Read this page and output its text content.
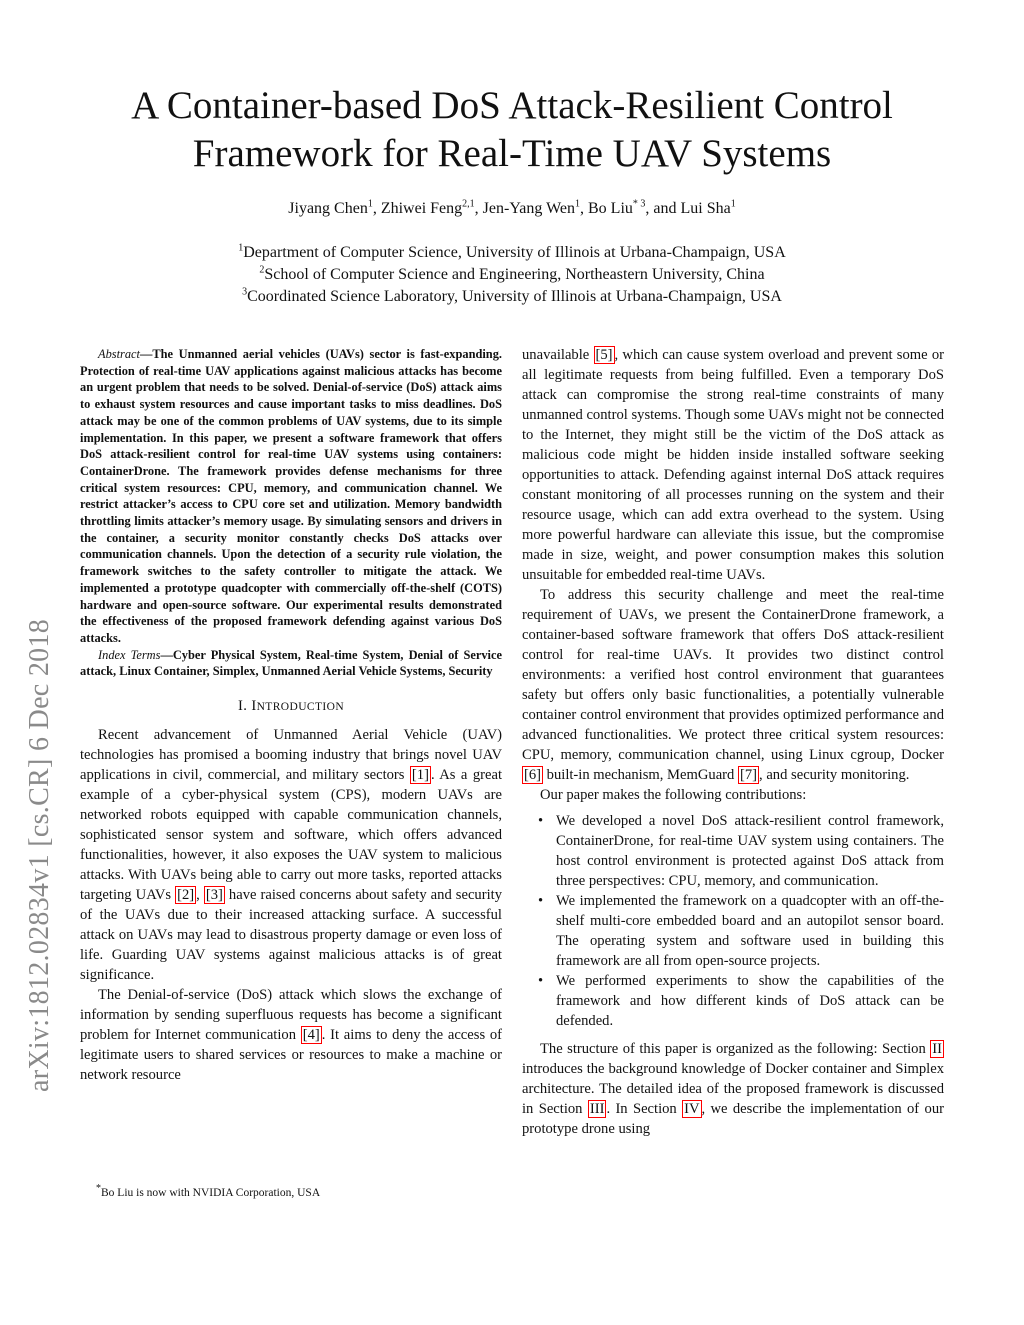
arXiv:1812.02834v1 [cs.CR] 6 Dec 2018
A Container-based DoS Attack-Resilient Control
Framework for Real-Time UAV Systems
Jiyang Chen$^1$, Zhiwei Feng$^{2,1}$, Jen-Yang Wen$^1$, Bo Liu$^{* 3}$, and Lui Sha$^1$
$^1$Department of Computer Science, University of Illinois at Urbana-Champaign, USA
$^2$School of Computer Science and Engineering, Northeastern University, China
$^3$Coordinated Science Laboratory, University of Illinois at Urbana-Champaign, USA

Abstract—The Unmanned aerial vehicles (UAVs) sector is fast-expanding. Protection of real-time UAV applications against malicious attacks has become an urgent problem that needs to be solved. Denial-of-service (DoS) attack aims to exhaust system resources and cause important tasks to miss deadlines. DoS attack may be one of the common problems of UAV systems, due to its simple implementation. In this paper, we present a software framework that offers DoS attack-resilient control for real-time UAV systems using containers: ContainerDrone. The framework provides defense mechanisms for three critical system resources: CPU, memory, and communication channel. We restrict attacker’s access to CPU core set and utilization. Memory bandwidth throttling limits attacker’s memory usage. By simulating sensors and drivers in the container, a security monitor constantly checks DoS attacks over communication channels. Upon the detection of a security rule violation, the framework switches to the safety controller to mitigate the attack. We implemented a prototype quadcopter with commercially off-the-shelf (COTS) hardware and open-source software. Our experimental results demonstrated the effectiveness of the proposed framework defending against various DoS attacks.

Index Terms—Cyber Physical System, Real-time System, Denial of Service attack, Linux Container, Simplex, Unmanned Aerial Vehicle Systems, Security

I. INTRODUCTION

Recent advancement of Unmanned Aerial Vehicle (UAV) technologies has promised a booming industry that brings novel UAV applications in civil, commercial, and military sectors [1] . As a great example of a cyber-physical system (CPS), modern UAVs are networked robots equipped with capable communication channels, sophisticated sensor system and software, which offers advanced functionalities, however, it also exposes the UAV system to malicious attacks. With UAVs being able to carry out more tasks, reported attacks targeting UAVs [2] , [3] have raised concerns about safety and security of the UAVs due to their increased attacking surface. A successful attack on UAVs may lead to disastrous property damage or even loss of life. Guarding UAV systems against malicious attacks is of great significance.

The Denial-of-service (DoS) attack which slows the exchange of information by sending superfluous requests has become a significant problem for Internet communication [4] . It aims to deny the access of legitimate users to shared services or resources to make a machine or network resource

*Bo Liu is now with NVIDIA Corporation, USA

unavailable [5] , which can cause system overload and prevent some or all legitimate requests from being fulfilled. Even a temporary DoS attack can compromise the strong real-time constraints of many unmanned control systems. Though some UAVs might not be connected to the Internet, they might still be the victim of the DoS attack as malicious code might be hidden inside installed software seeking opportunities to attack. Defending against internal DoS attack requires constant monitoring of all processes running on the system and their resource usage, which can add extra overhead to the system. Using more powerful hardware can alleviate this issue, but the compromise made in size, weight, and power consumption makes this solution unsuitable for embedded real-time UAVs.

To address this security challenge and meet the real-time requirement of UAVs, we present the ContainerDrone framework, a container-based software framework that offers DoS attack-resilient control for real-time UAVs. It provides two distinct control environments: a verified host control environment that guarantees safety but offers only basic functionalities, a potentially vulnerable container control environment that provides optimized performance and advanced functionalities. We protect three critical system resources: CPU, memory, communication channel, using Linux cgroup, Docker [6] built-in mechanism, MemGuard [7] , and security monitoring.

Our paper makes the following contributions:

• We developed a novel DoS attack-resilient control framework, ContainerDrone, for real-time UAV system using containers. The host control environment is protected against DoS attack from three perspectives: CPU, memory, and communication.
• We implemented the framework on a quadcopter with an off-the-shelf multi-core embedded board and an autopilot sensor board. The operating system and software used in building this framework are all from open-source projects.
• We performed experiments to show the capabilities of the framework and how different kinds of DoS attack can be defended.

The structure of this paper is organized as the following: Section II introduces the background knowledge of Docker container and Simplex architecture. The detailed idea of the proposed framework is discussed in Section III . In Section IV , we describe the implementation of our prototype drone using
